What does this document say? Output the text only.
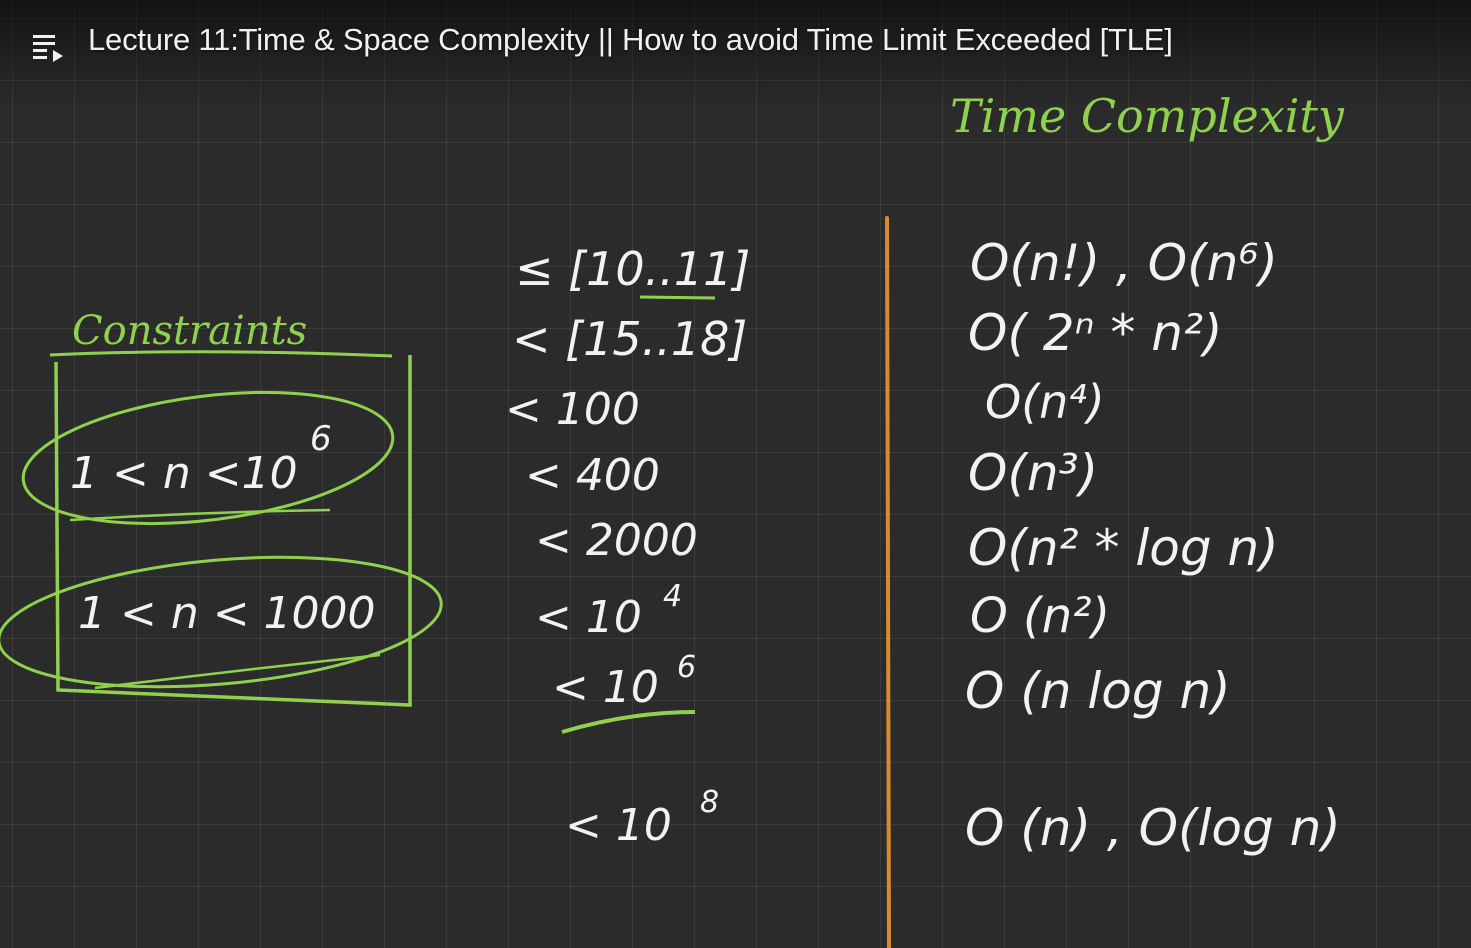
Time Complexity
Constraints
1 < n <10
6
1 < n < 1000
≤ [10..11]
< [15..18]
< 100
< 400
< 2000
< 10 4
< 10 6
< 10 8
O(n!) , O(n⁶)
O( 2ⁿ * n²)
O(n⁴)
O(n³)
O(n² * log n)
O (n²)
O (n log n)
O (n) , O(log n)
Lecture 11:Time & Space Complexity || How to avoid Time Limit Exceeded [TLE]
